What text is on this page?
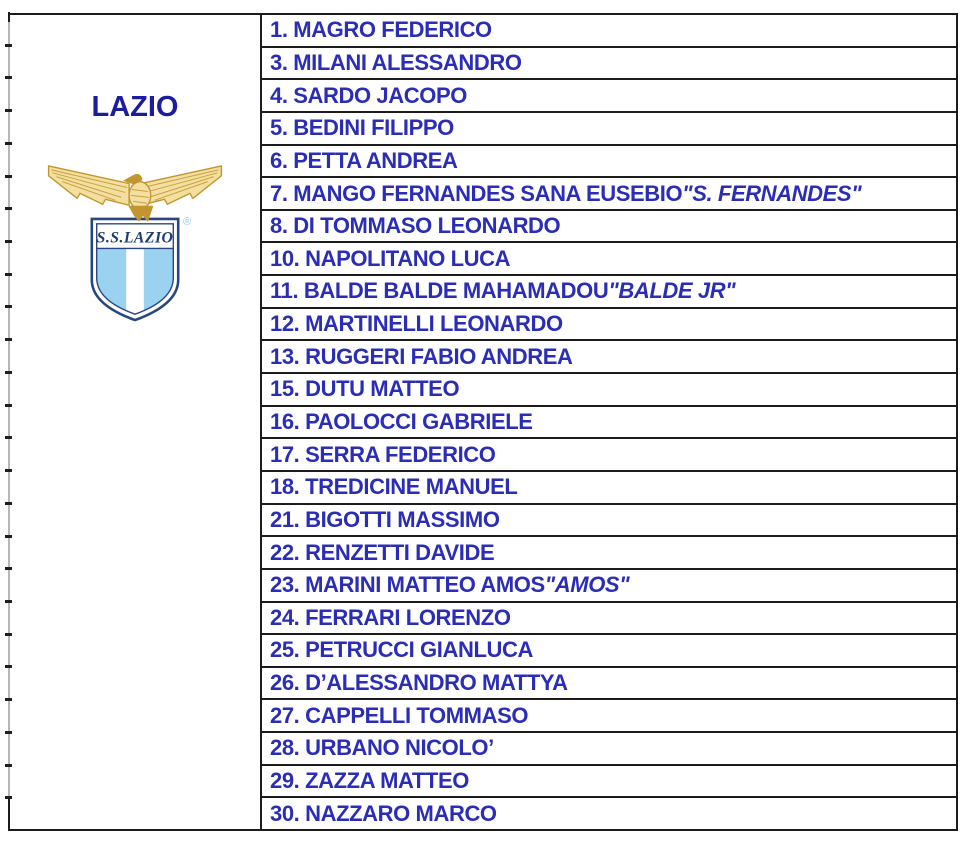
LAZIO
S.S.LAZIO
®
1. MAGRO FEDERICO
3. MILANI ALESSANDRO
4. SARDO JACOPO
5. BEDINI FILIPPO
6. PETTA ANDREA
7. MANGO FERNANDES SANA EUSEBIO "S. FERNANDES"
8. DI TOMMASO LEONARDO
10. NAPOLITANO LUCA
11. BALDE BALDE MAHAMADOU "BALDE JR"
12. MARTINELLI LEONARDO
13. RUGGERI FABIO ANDREA
15. DUTU MATTEO
16. PAOLOCCI GABRIELE
17. SERRA FEDERICO
18. TREDICINE MANUEL
21. BIGOTTI MASSIMO
22. RENZETTI DAVIDE
23. MARINI MATTEO AMOS "AMOS"
24. FERRARI LORENZO
25. PETRUCCI GIANLUCA
26. D’ALESSANDRO MATTYA
27. CAPPELLI TOMMASO
28. URBANO NICOLO’
29. ZAZZA MATTEO
30. NAZZARO MARCO
